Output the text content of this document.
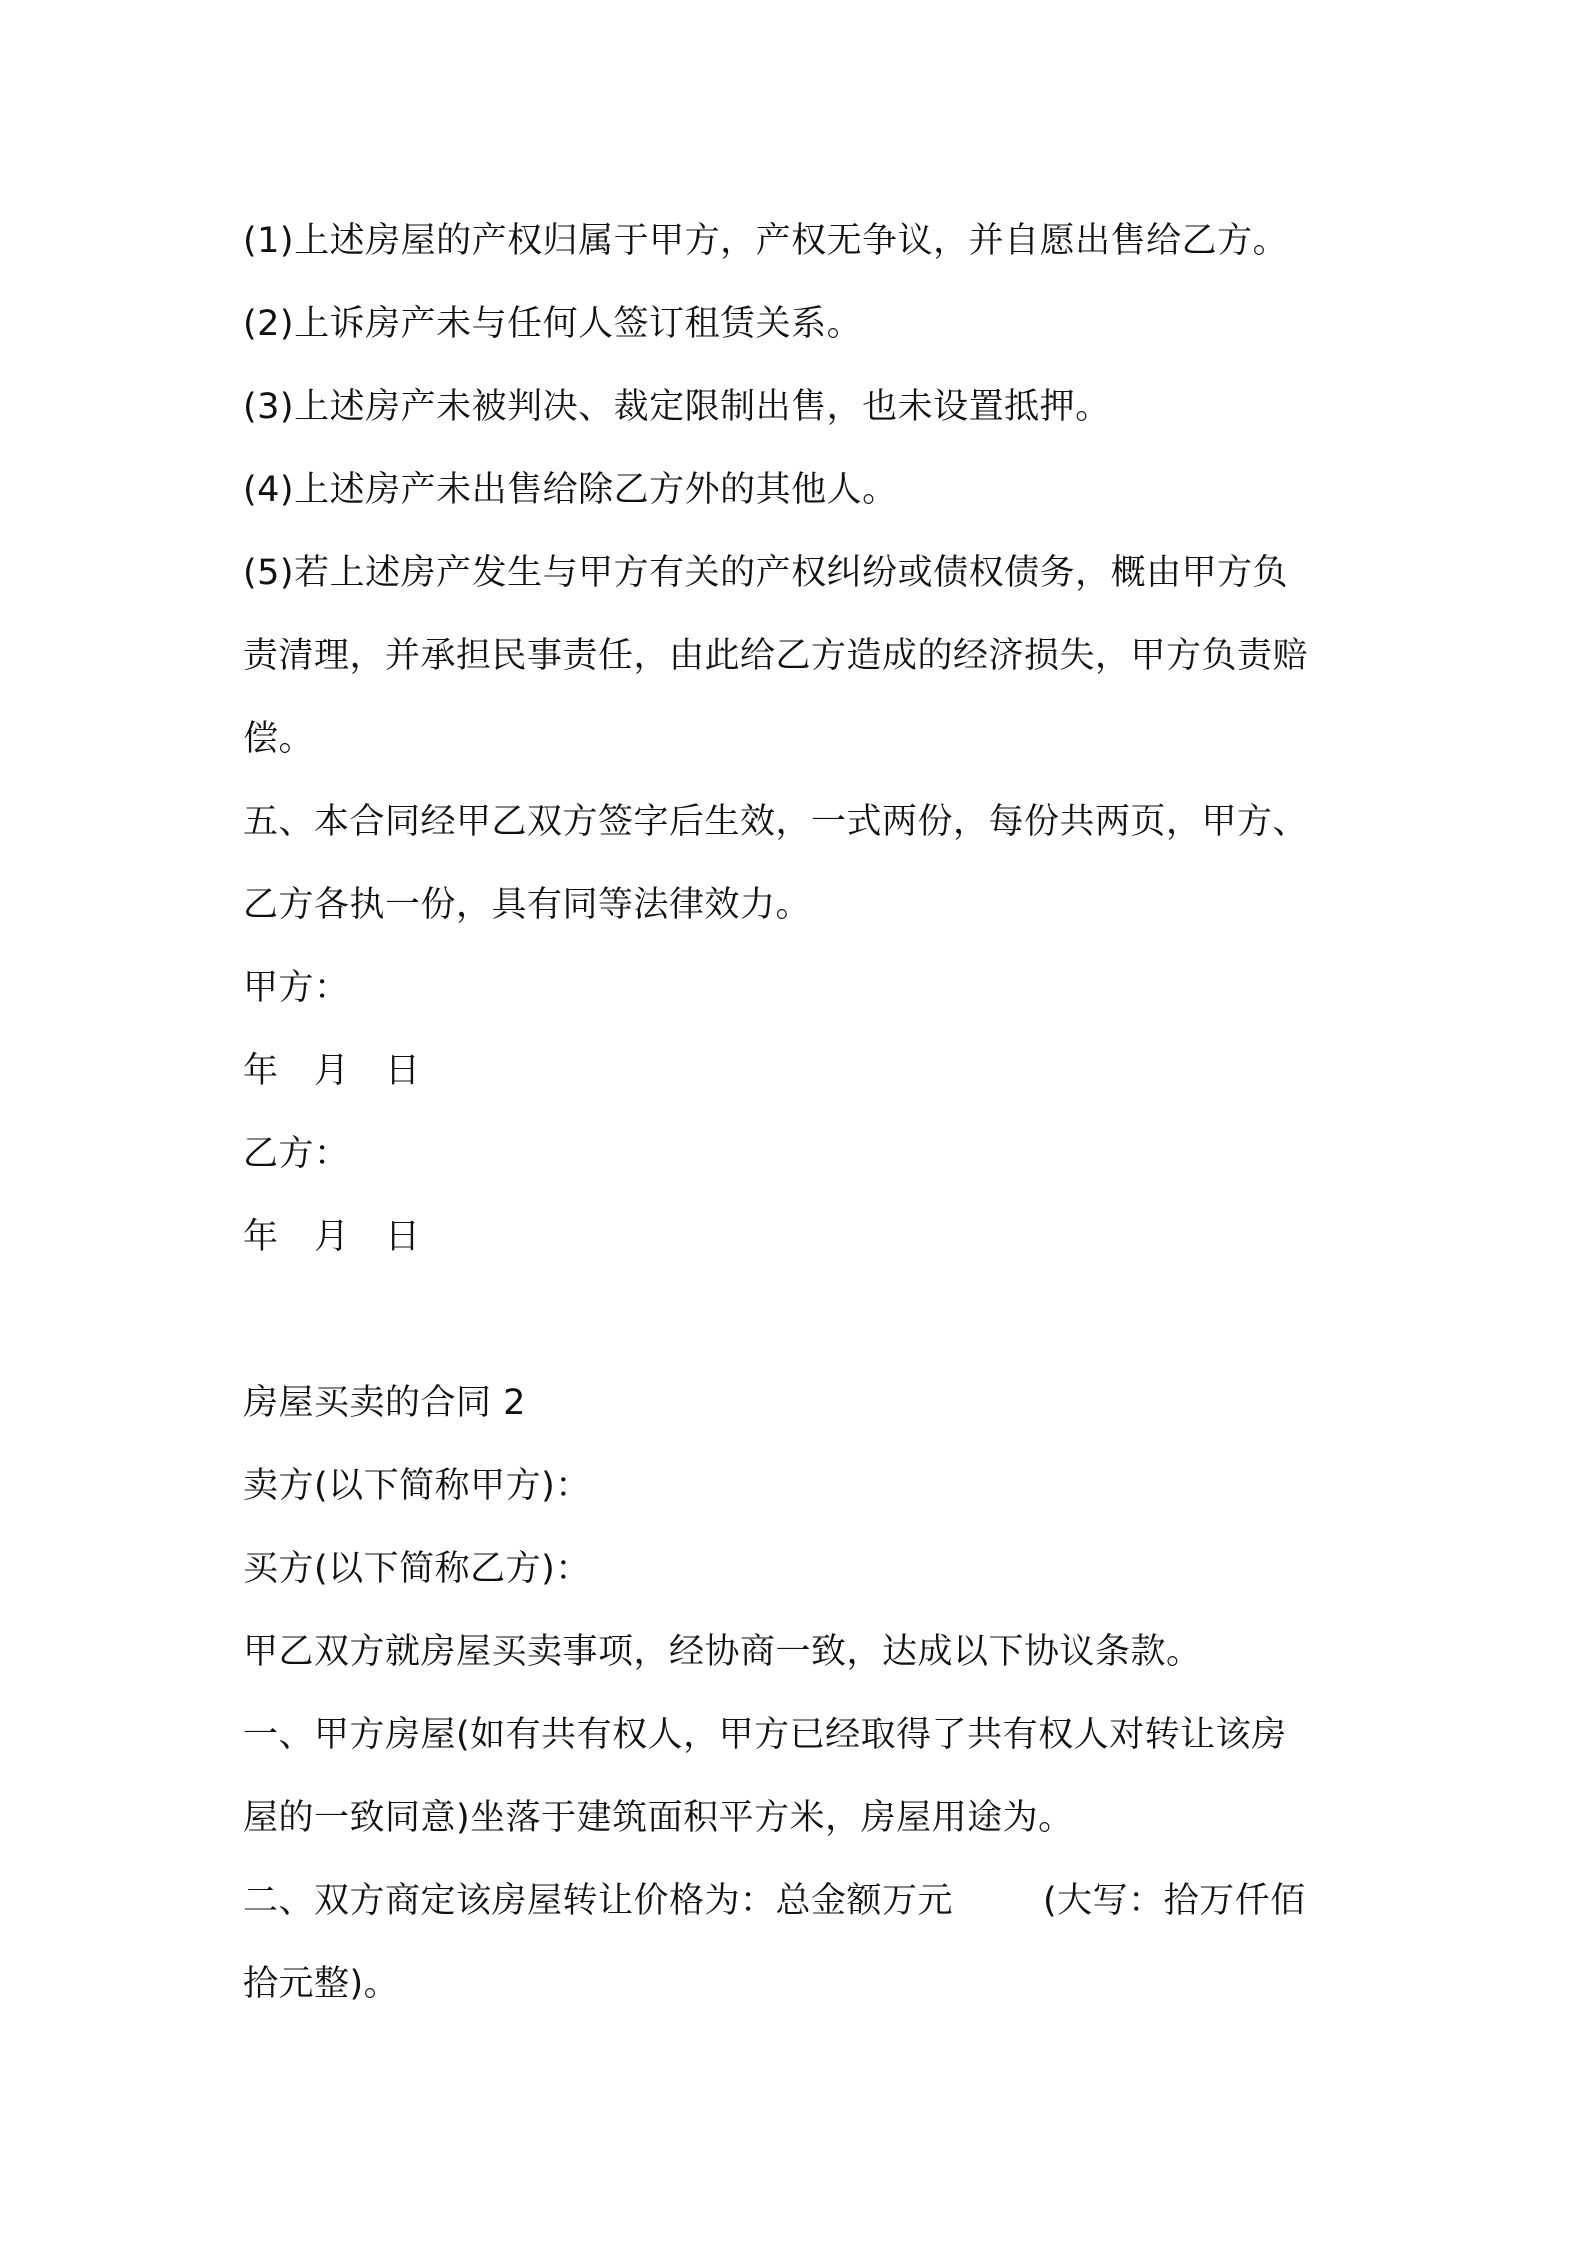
(1)上述房屋的产权归属于甲方，产权无争议，并自愿出售给乙方。
(2)上诉房产未与任何人签订租赁关系。
(3)上述房产未被判决、裁定限制出售，也未设置抵押。
(4)上述房产未出售给除乙方外的其他人。
(5)若上述房产发生与甲方有关的产权纠纷或债权债务，概由甲方负
责清理，并承担民事责任，由此给乙方造成的经济损失，甲方负责赔
偿。
五、本合同经甲乙双方签字后生效，一式两份，每份共两页，甲方、
乙方各执一份，具有同等法律效力。
甲方：
年　月　日
乙方：
年　月　日
房屋买卖的合同 2
卖方(以下简称甲方)：
买方(以下简称乙方)：
甲乙双方就房屋买卖事项，经协商一致，达成以下协议条款。
一、甲方房屋(如有共有权人，甲方已经取得了共有权人对转让该房
屋的一致同意)坐落于建筑面积平方米，房屋用途为。
二、双方商定该房屋转让价格为：总金额万元	(大写：拾万仟佰
拾元整)。
